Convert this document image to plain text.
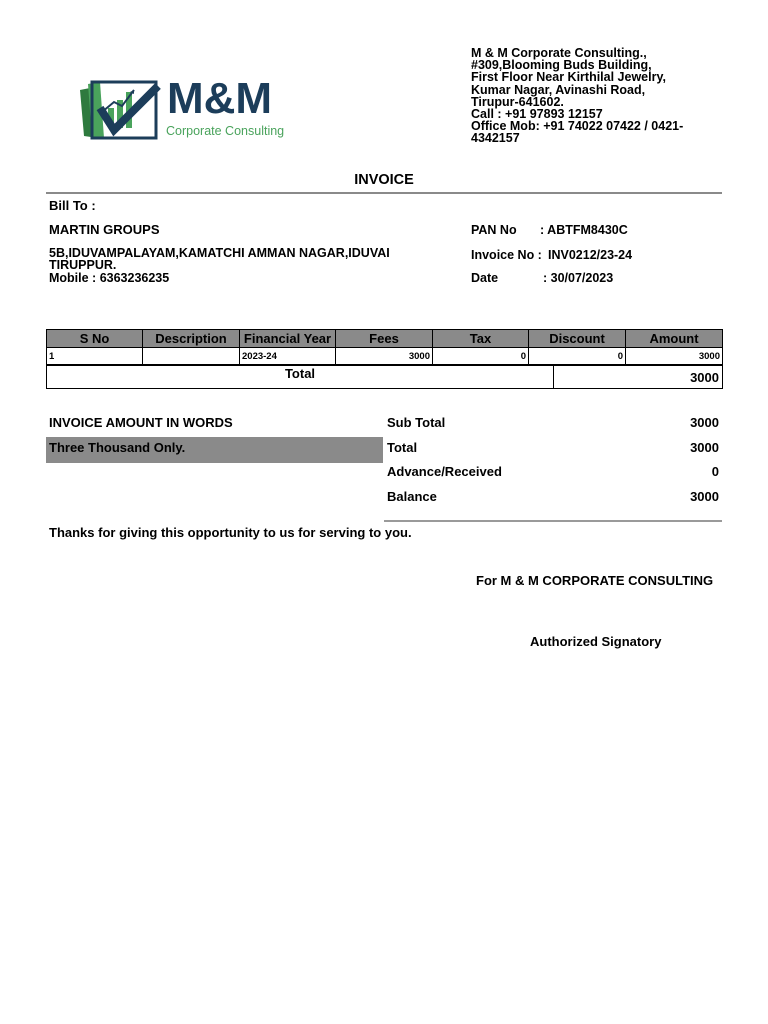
M & M Corporate Consulting.,
#309,Blooming Buds Building,
First Floor Near Kirthilal Jewelry,
Kumar Nagar, Avinashi Road,
Tirupur-641602.
Call : +91 97893 12157
Office Mob: +91 74022 07422 / 0421-
4342157
M&M
Corporate Consulting
INVOICE
Bill To :
MARTIN GROUPS
5B,IDUVAMPALAYAM,KAMATCHI AMMAN NAGAR,IDUVAI
TIRUPPUR.
Mobile : 6363236235
PAN No : ABTFM8430C
Invoice No : INV0212/23-24
Date	: 30/07/2023
S No	Description	Financial Year	Fees	Tax	Discount	Amount
1		2023-24	3000	0	0	3000
Total	3000
INVOICE AMOUNT IN WORDS
Three Thousand Only.
Sub Total	3000
Total	3000
Advance/Received	0
Balance	3000
Thanks for giving this opportunity to us for serving to you.
For M & M CORPORATE CONSULTING
Authorized Signatory
